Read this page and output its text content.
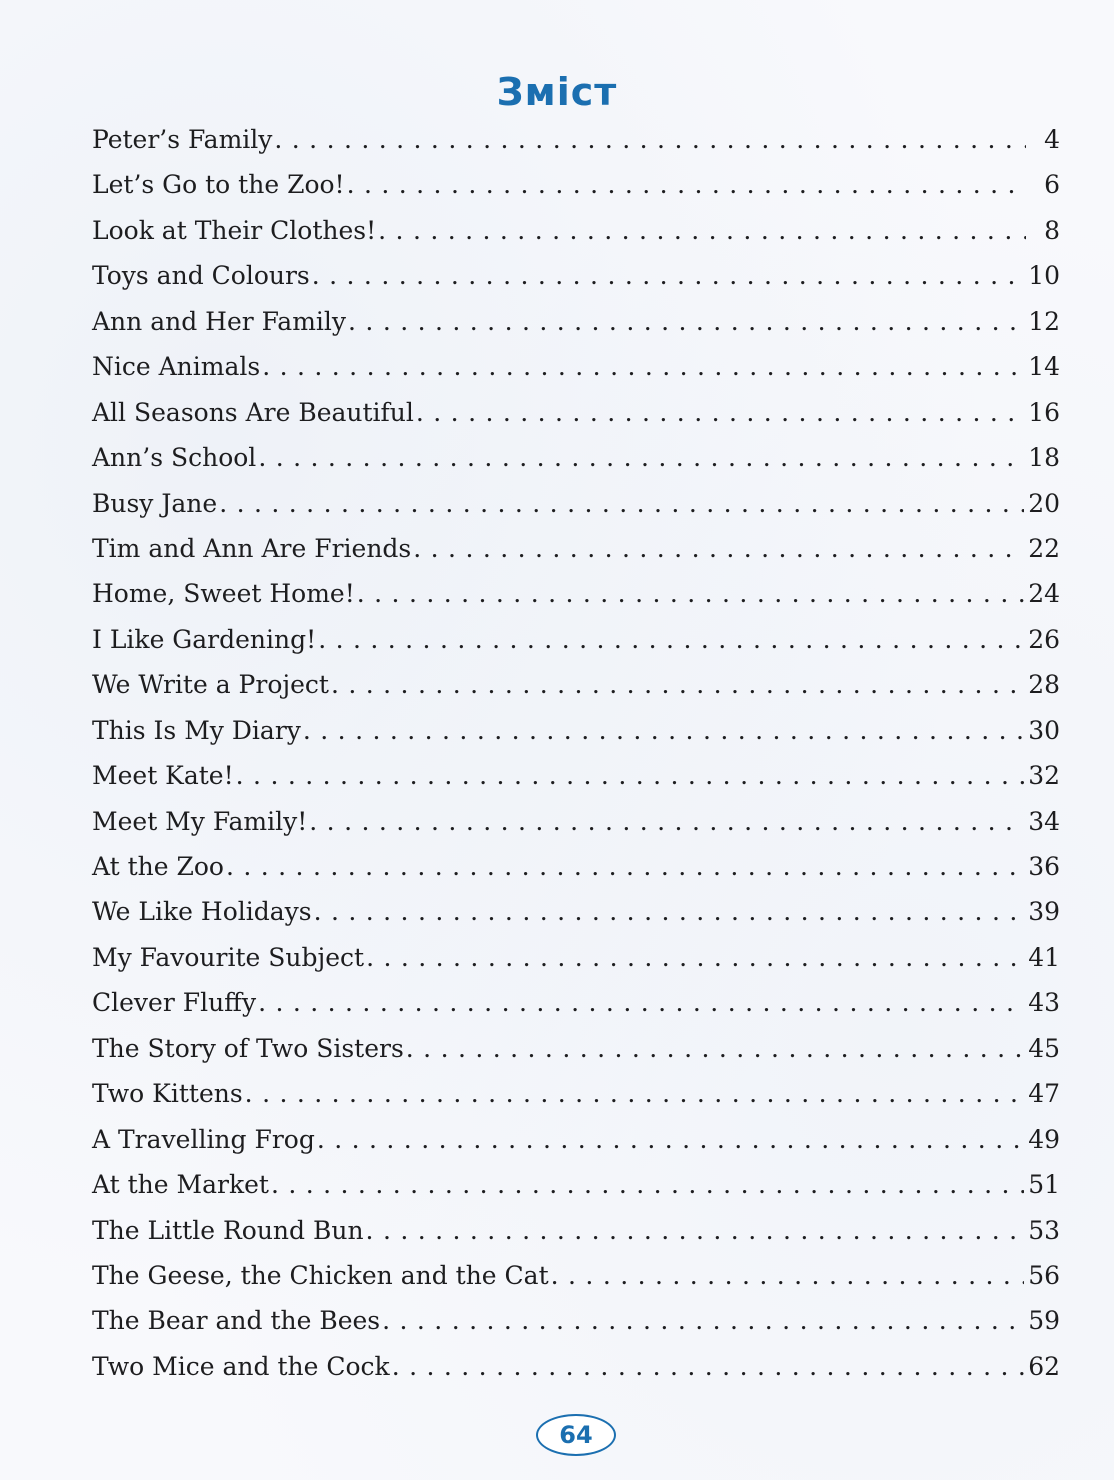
Зміст
Peter’s Family . . .	4
Let’s Go to the Zoo! . . .	6
Look at Their Clothes! . . .	8
Toys and Colours . . .	10
Ann and Her Family . . .	12
Nice Animals . . .	14
All Seasons Are Beautiful . . .	16
Ann’s School . . .	18
Busy Jane . . .	20
Tim and Ann Are Friends . . .	22
Home, Sweet Home! . . .	24
I Like Gardening! . . .	26
We Write a Project . . .	28
This Is My Diary . . .	30
Meet Kate! . . .	32
Meet My Family! . . .	34
At the Zoo . . .	36
We Like Holidays . . .	39
My Favourite Subject . . .	41
Clever Fluffy . . .	43
The Story of Two Sisters . . .	45
Two Kittens . . .	47
A Travelling Frog . . .	49
At the Market . . .	51
The Little Round Bun . . .	53
The Geese, the Chicken and the Cat . . .	56
The Bear and the Bees . . .	59
Two Mice and the Cock . . .	62
64
